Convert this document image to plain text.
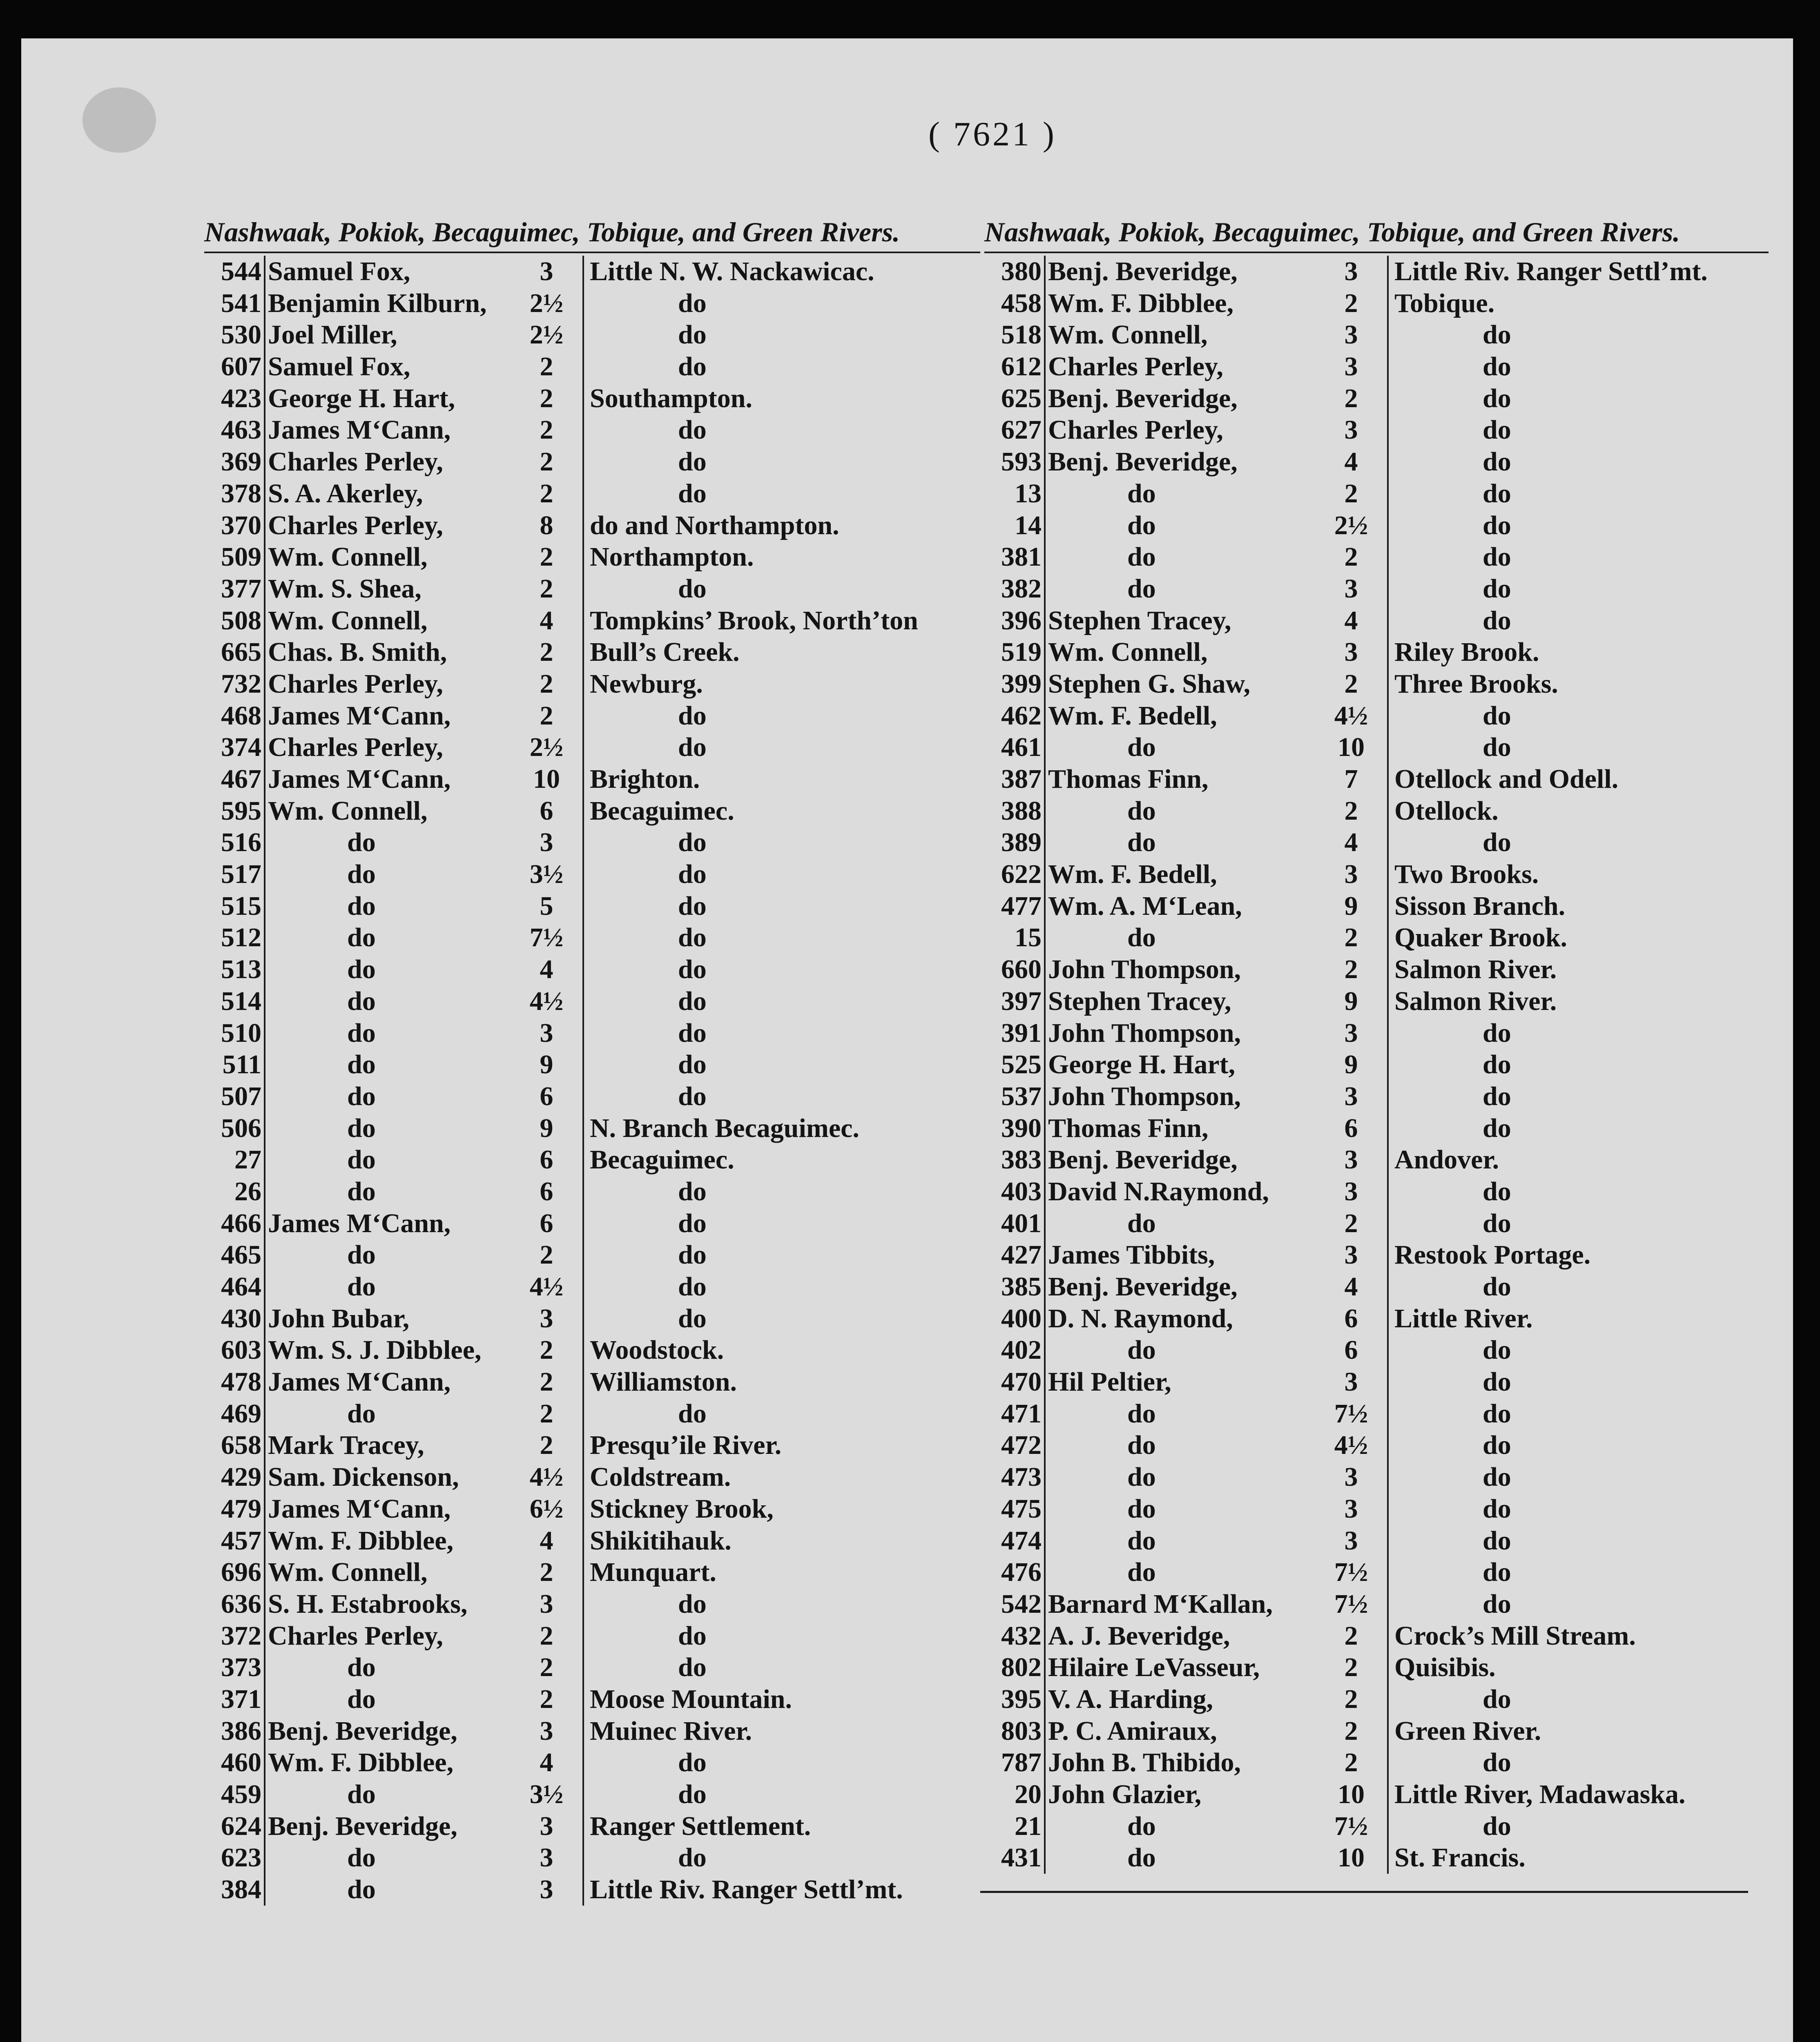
( 7621 )
Nashwaak, Pokiok, Becaguimec, Tobique, and Green Rivers.
544 Samuel Fox,	3	Little N. W. Nackawicac.
541 Benjamin Kilburn,	2½	do
530 Joel Miller,	2½	do
607 Samuel Fox,	2	do
423 George H. Hart,	2	Southampton.
463 James M‘Cann,	2	do
369 Charles Perley,	2	do
378 S. A. Akerley,	2	do
370 Charles Perley,	8	do and Northampton.
509 Wm. Connell,	2	Northampton.
377 Wm. S. Shea,	2	do
508 Wm. Connell,	4	Tompkins’ Brook, North’ton
665 Chas. B. Smith,	2	Bull’s Creek.
732 Charles Perley,	2	Newburg.
468 James M‘Cann,	2	do
374 Charles Perley,	2½	do
467 James M‘Cann,	10	Brighton.
595 Wm. Connell,	6	Becaguimec.
516	do	3	do
517	do	3½	do
515	do	5	do
512	do	7½	do
513	do	4	do
514	do	4½	do
510	do	3	do
511	do	9	do
507	do	6	do
506	do	9	N. Branch Becaguimec.
27	do	6	Becaguimec.
26	do	6	do
466 James M‘Cann,	6	do
465	do	2	do
464	do	4½	do
430 John Bubar,	3	do
603 Wm. S. J. Dibblee,	2	Woodstock.
478 James M‘Cann,	2	Williamston.
469	do	2	do
658 Mark Tracey,	2	Presqu’ile River.
429 Sam. Dickenson,	4½ Coldstream.
479 James M‘Cann,	6½ Stickney Brook,
457 Wm. F. Dibblee,	4	Shikitihauk.
696 Wm. Connell,	2	Munquart.
636 S. H. Estabrooks,	3	do
372 Charles Perley,	2	do
373	do	2	do
371	do	2	Moose Mountain.
386 Benj. Beveridge,	3	Muinec River.
460 Wm. F. Dibblee,	4	do
459	do	3½	do
624 Benj. Beveridge,	3	Ranger Settlement.
623	do	3	do
384	do	3	Little Riv. Ranger Settl’mt.
Nashwaak, Pokiok, Becaguimec, Tobique, and Green Rivers.
380 Benj. Beveridge,	3	Little Riv. Ranger Settl’mt.
458 Wm. F. Dibblee,	2	Tobique.
518 Wm. Connell,	3	do
612 Charles Perley,	3	do
625 Benj. Beveridge,	2	do
627 Charles Perley,	3	do
593 Benj. Beveridge,	4	do
13	do	2	do
14	do	2½	do
381	do	2	do
382	do	3	do
396 Stephen Tracey,	4	do
519 Wm. Connell,	3	Riley Brook.
399 Stephen G. Shaw,	2	Three Brooks.
462 Wm. F. Bedell,	4½	do
461	do	10	do
387 Thomas Finn,	7	Otellock and Odell.
388	do	2	Otellock.
389	do	4	do
622 Wm. F. Bedell,	3	Two Brooks.
477 Wm. A. M‘Lean,	9	Sisson Branch.
15	do	2	Quaker Brook.
660 John Thompson,	2	Salmon River.
397 Stephen Tracey,	9	Salmon River.
391 John Thompson,	3	do
525 George H. Hart,	9	do
537 John Thompson,	3	do
390 Thomas Finn,	6	do
383 Benj. Beveridge,	3	Andover.
403 David N.Raymond,	3	do
401	do	2	do
427 James Tibbits,	3	Restook Portage.
385 Benj. Beveridge,	4	do
400 D. N. Raymond,	6	Little River.
402	do	6	do
470 Hil Peltier,	3	do
471	do	7½	do
472	do	4½	do
473	do	3	do
475	do	3	do
474	do	3	do
476	do	7½	do
542 Barnard M‘Kallan,	7½	do
432 A. J. Beveridge,	2	Crock’s Mill Stream.
802 Hilaire LeVasseur,	2	Quisibis.
395 V. A. Harding,	2	do
803 P. C. Amiraux,	2	Green River.
787 John B. Thibido,	2	do
20 John Glazier,	10	Little River, Madawaska.
21	do	7½	do
431	do	10	St. Francis.
